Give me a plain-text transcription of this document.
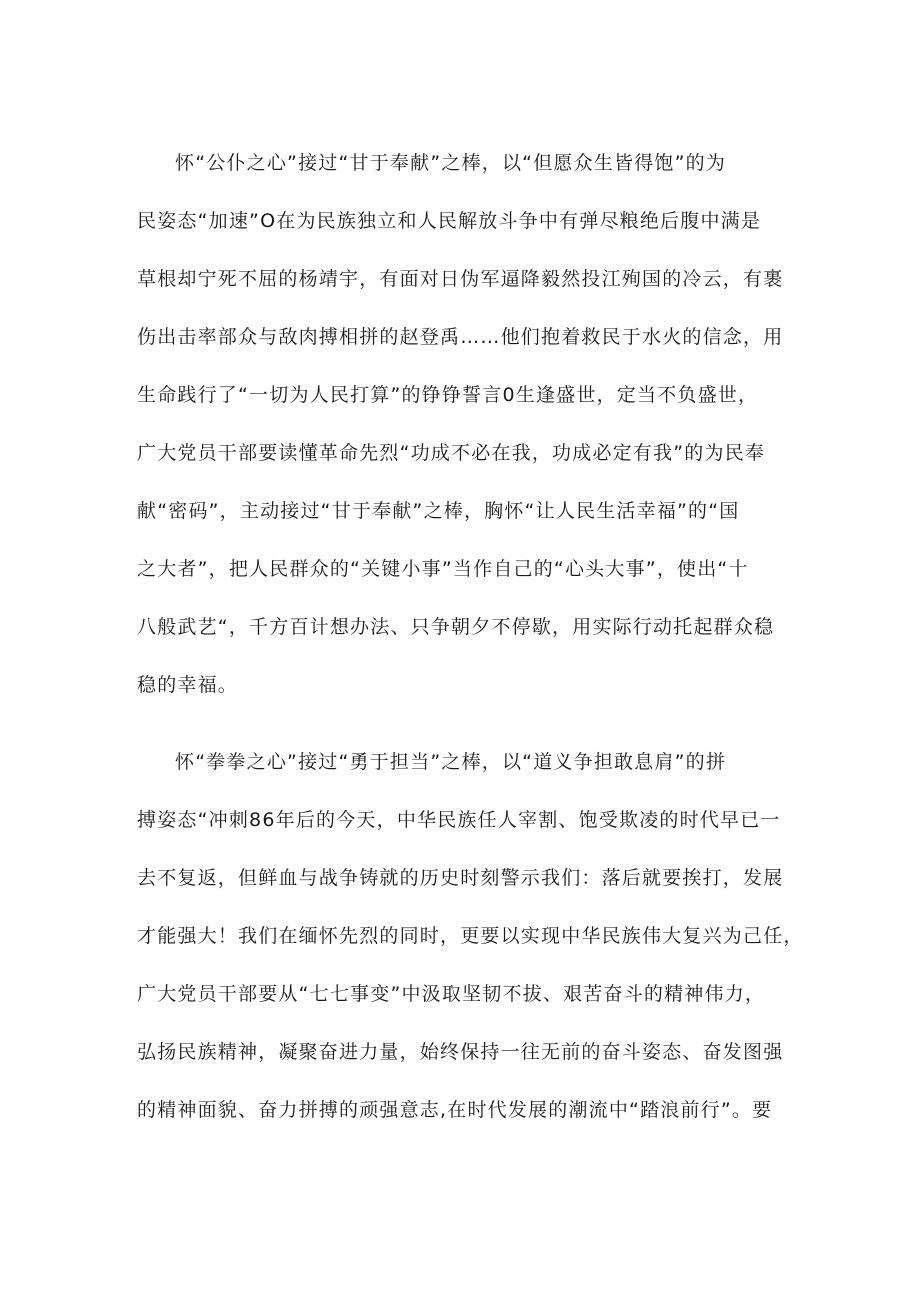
怀“公仆之心”接过“甘于奉献”之棒，以“但愿众生皆得饱”的为
民姿态“加速”O在为民族独立和人民解放斗争中有弹尽粮绝后腹中满是
草根却宁死不屈的杨靖宇，有面对日伪军逼降毅然投江殉国的冷云，有裹
伤出击率部众与敌肉搏相拼的赵登禹……他们抱着救民于水火的信念，用
生命践行了“一切为人民打算”的铮铮誓言0生逢盛世，定当不负盛世，
广大党员干部要读懂革命先烈“功成不必在我，功成必定有我”的为民奉
献“密码”，主动接过“甘于奉献”之棒，胸怀“让人民生活幸福”的“国
之大者”，把人民群众的“关键小事”当作自己的“心头大事”，使出“十
八般武艺“，千方百计想办法、只争朝夕不停歇，用实际行动托起群众稳
稳的幸福。
怀“拳拳之心”接过“勇于担当”之棒，以“道义争担敢息肩”的拼
搏姿态“冲刺86年后的今天，中华民族任人宰割、饱受欺凌的时代早已一
去不复返，但鲜血与战争铸就的历史时刻警示我们：落后就要挨打，发展
才能强大！我们在缅怀先烈的同时，更要以实现中华民族伟大复兴为己任，
广大党员干部要从“七七事变”中汲取坚韧不拔、艰苦奋斗的精神伟力，
弘扬民族精神，凝聚奋进力量，始终保持一往无前的奋斗姿态、奋发图强
的精神面貌、奋力拼搏的顽强意志,在时代发展的潮流中“踏浪前行”。要
